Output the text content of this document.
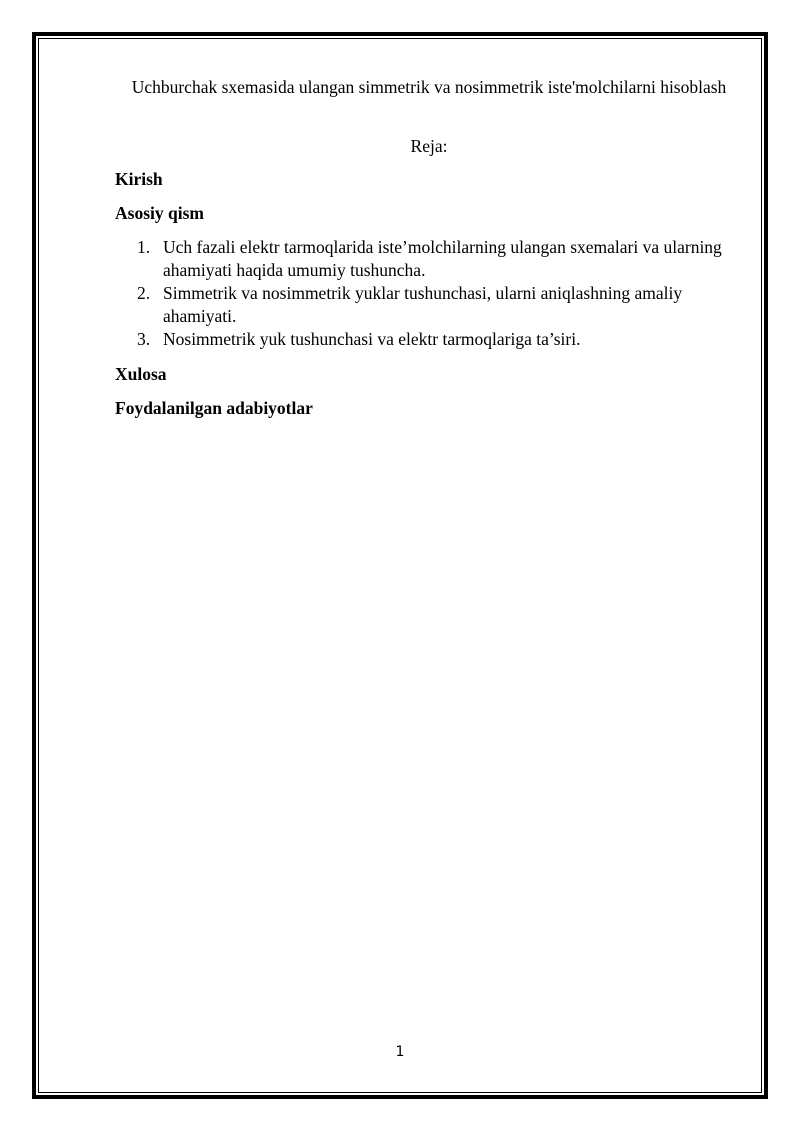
Uchburchak sxemasida ulangan simmetrik va nosimmetrik iste'molchilarni hisoblash

Reja:

Kirish

Asosiy qism

1. Uch fazali elektr tarmoqlarida iste’molchilarning ulangan sxemalari va ularning ahamiyati haqida umumiy tushuncha.
2. Simmetrik va nosimmetrik yuklar tushunchasi, ularni aniqlashning amaliy ahamiyati.
3. Nosimmetrik yuk tushunchasi va elektr tarmoqlariga ta’siri.

Xulosa

Foydalanilgan adabiyotlar

1
